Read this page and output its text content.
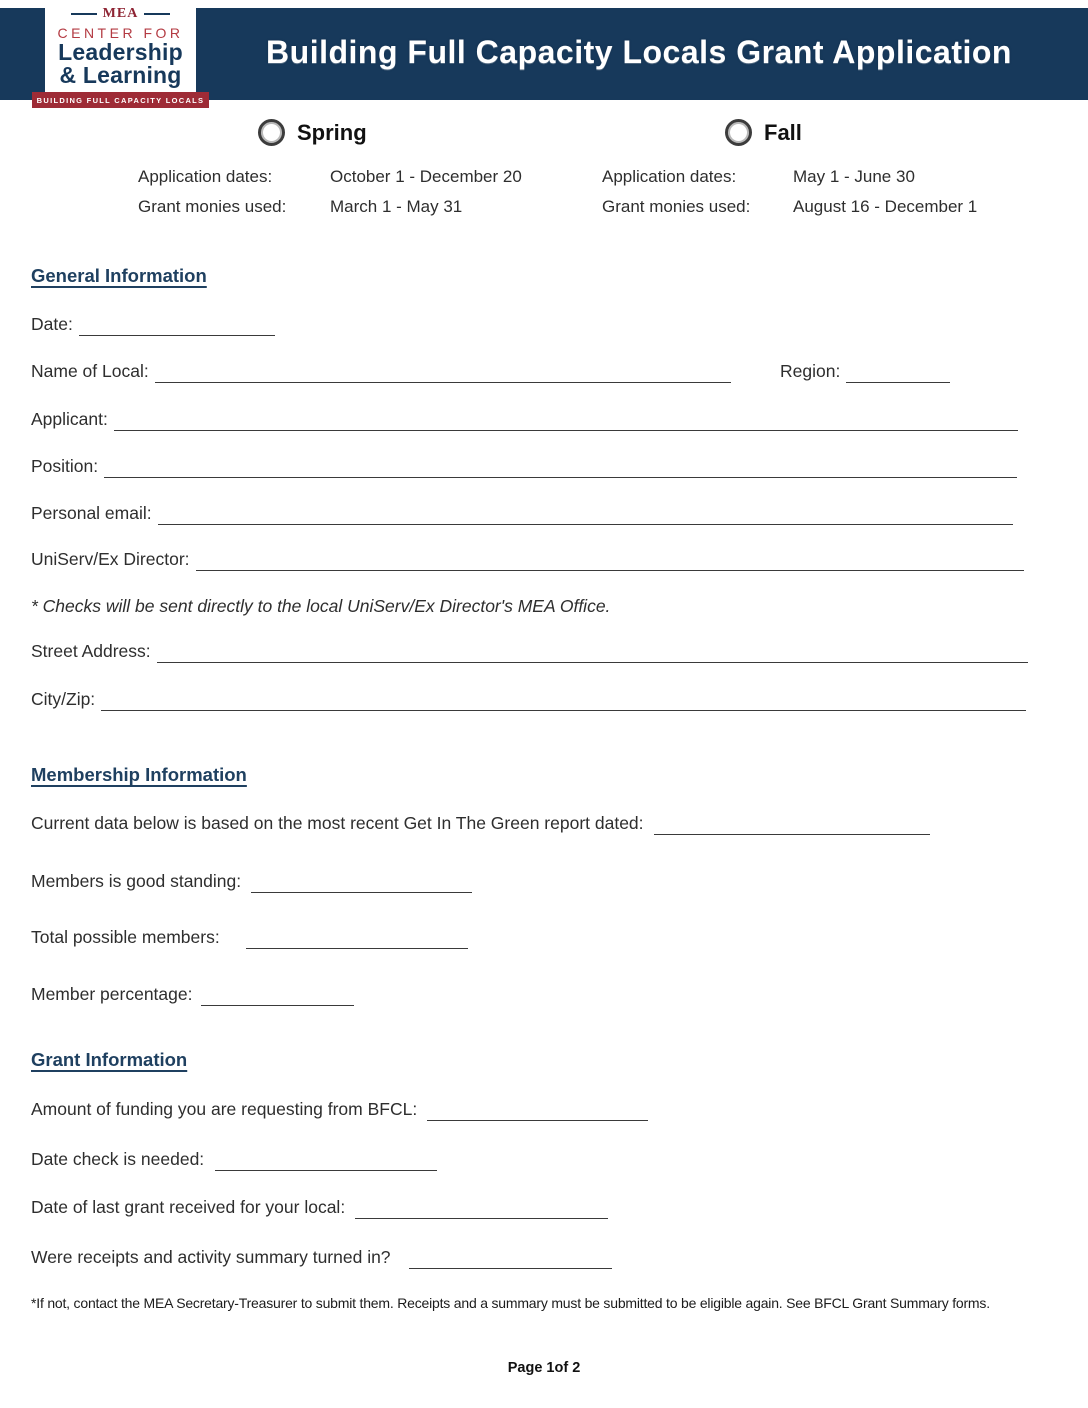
Building Full Capacity Locals Grant Application
MEA
CENTER FOR
Leadership
& Learning
BUILDING FULL CAPACITY LOCALS
Spring	Fall
Application dates:
Grant monies used:
October 1 - December 20
March 1 - May 31
Application dates:
Grant monies used:
May 1 - June 30
August 16 - December 1
General Information
Date:
Name of Local:	Region:
Applicant:
Position:
Personal email:
UniServ/Ex Director:
* Checks will be sent directly to the local UniServ/Ex Director's MEA Office.
Street Address:
City/Zip:
Membership Information
Current data below is based on the most recent Get In The Green report dated:
Members is good standing:
Total possible members:
Member percentage:
Grant Information
Amount of funding you are requesting from BFCL:
Date check is needed:
Date of last grant received for your local:
Were receipts and activity summary turned in?
*If not, contact the MEA Secretary-Treasurer to submit them. Receipts and a summary must be submitted to be eligible again. See BFCL Grant Summary forms.
Page 1of 2
